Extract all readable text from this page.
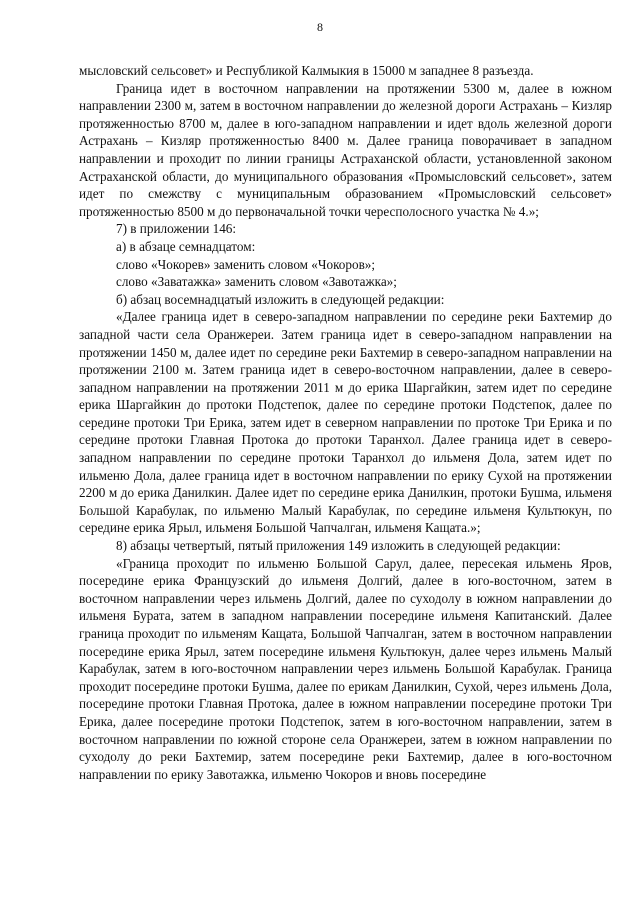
8

мысловский сельсовет» и Республикой Калмыкия в 15000 м западнее 8 разъезда.

Граница идет в восточном направлении на протяжении 5300 м, далее в южном направлении 2300 м, затем в восточном направлении до железной дороги Астрахань – Кизляр протяженностью 8700 м, далее в юго-западном направлении и идет вдоль железной дороги Астрахань – Кизляр протяженностью 8400 м. Далее граница поворачивает в западном направлении и проходит по линии границы Астраханской области, установленной законом Астраханской области, до муниципального образования «Промысловский сельсовет», затем идет по смежству с муниципальным образованием «Промысловский сельсовет» протяженностью 8500 м до первоначальной точки чересполосного участка № 4.»;

7) в приложении 146:

а) в абзаце семнадцатом:

слово «Чокорев» заменить словом «Чокоров»;

слово «Заватажка» заменить словом «Завотажка»;

б) абзац восемнадцатый изложить в следующей редакции:

«Далее граница идет в северо-западном направлении по середине реки Бахтемир до западной части села Оранжереи. Затем граница идет в северо-западном направлении на протяжении 1450 м, далее идет по середине реки Бахтемир в северо-западном направлении на протяжении 2100 м. Затем граница идет в северо-восточном направлении, далее в северо-западном направлении на протяжении 2011 м до ерика Шаргайкин, затем идет по середине ерика Шаргайкин до протоки Подстепок, далее по середине протоки Подстепок, далее по середине протоки Три Ерика, затем идет в северном направлении по протоке Три Ерика и по середине протоки Главная Протока до протоки Таранхол. Далее граница идет в северо-западном направлении по середине протоки Таранхол до ильменя Дола, затем идет по ильменю Дола, далее граница идет в восточном направлении по ерику Сухой на протяжении 2200 м до ерика Данилкин. Далее идет по середине ерика Данилкин, протоки Бушма, ильменя Большой Карабулак, по ильменю Малый Карабулак, по середине ильменя Культюкун, по середине ерика Ярыл, ильменя Большой Чапчалган, ильменя Кащата.»;

8) абзацы четвертый, пятый приложения 149 изложить в следующей редакции:

«Граница проходит по ильменю Большой Сарул, далее, пересекая ильмень Яров, посередине ерика Французский до ильменя Долгий, далее в юго-восточном, затем в восточном направлении через ильмень Долгий, далее по суходолу в южном направлении до ильменя Бурата, затем в западном направлении посередине ильменя Капитанский. Далее граница проходит по ильменям Кащата, Большой Чапчалган, затем в восточном направлении посередине ерика Ярыл, затем посередине ильменя Культюкун, далее через ильмень Малый Карабулак, затем в юго-восточном направлении через ильмень Большой Карабулак. Граница проходит посередине протоки Бушма, далее по ерикам Данилкин, Сухой, через ильмень Дола, посередине протоки Главная Протока, далее в южном направлении посередине протоки Три Ерика, далее посередине протоки Подстепок, затем в юго-восточном направлении, затем в восточном направлении по южной стороне села Оранжереи, затем в южном направлении по суходолу до реки Бахтемир, затем посередине реки Бахтемир, далее в юго-восточном направлении по ерику Завотажка, ильменю Чокоров и вновь посередине
